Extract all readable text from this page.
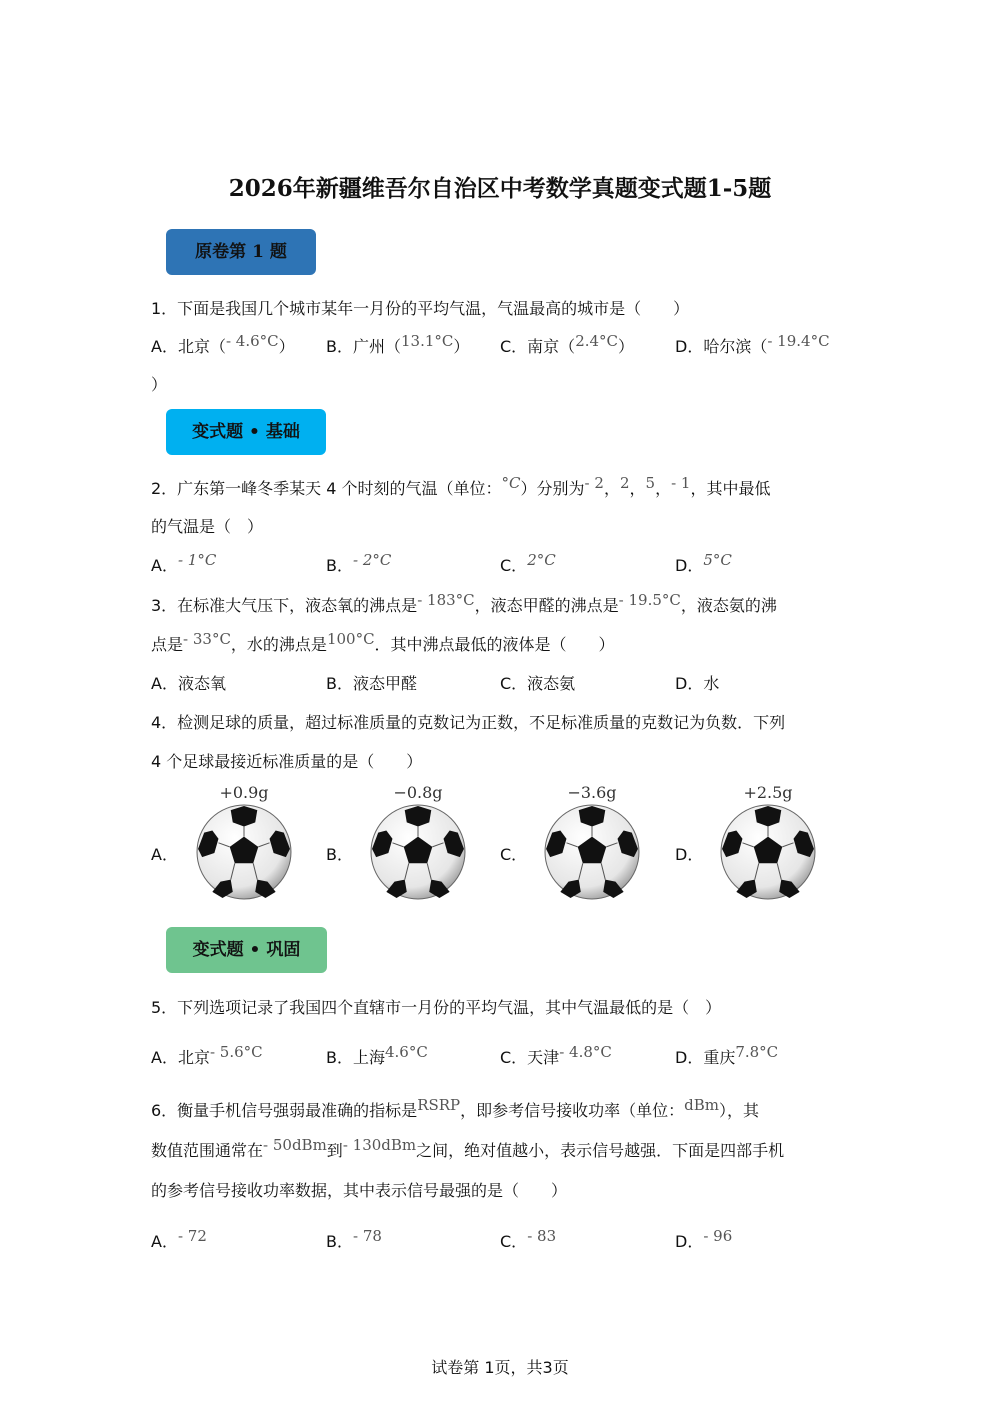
2026年新疆维吾尔自治区中考数学真题变式题1-5题
原卷第 1 题
1．下面是我国几个城市某年一月份的平均气温，气温最高的城市是（　　）
A．北京（- 4.6°C） B．广州（13.1°C） C．南京（2.4°C）	D．哈尔滨（- 19.4°C
）
变式题 • 基础
2．广东第一峰冬季某天 4 个时刻的气温（单位：°C）分别为- 2，2，5，- 1，其中最低
的气温是（　）
A．- 1°C	B．- 2°C	C．2°C	D．5°C
3．在标准大气压下，液态氧的沸点是- 183°C，液态甲醛的沸点是- 19.5°C，液态氨的沸
点是- 33°C，水的沸点是100°C．其中沸点最低的液体是（　　）
A．液态氧	B．液态甲醛	C．液态氨	D．水
4．检测足球的质量，超过标准质量的克数记为正数，不足标准质量的克数记为负数．下列
4 个足球最接近标准质量的是（　　）
+0.9g
A．
−0.8g
B．
−3.6g
C．
+2.5g
D．
变式题 • 巩固
5．下列选项记录了我国四个直辖市一月份的平均气温，其中气温最低的是（　）
A．北京- 5.6°C	B．上海4.6°C	C．天津- 4.8°C	D．重庆7.8°C
6．衡量手机信号强弱最准确的指标是RSRP，即参考信号接收功率（单位：dBm），其
数值范围通常在- 50dBm到- 130dBm之间，绝对值越小，表示信号越强．下面是四部手机
的参考信号接收功率数据，其中表示信号最强的是（　　）
A．- 72	B．- 78	C．- 83	D．- 96
试卷第 1页，共3页
